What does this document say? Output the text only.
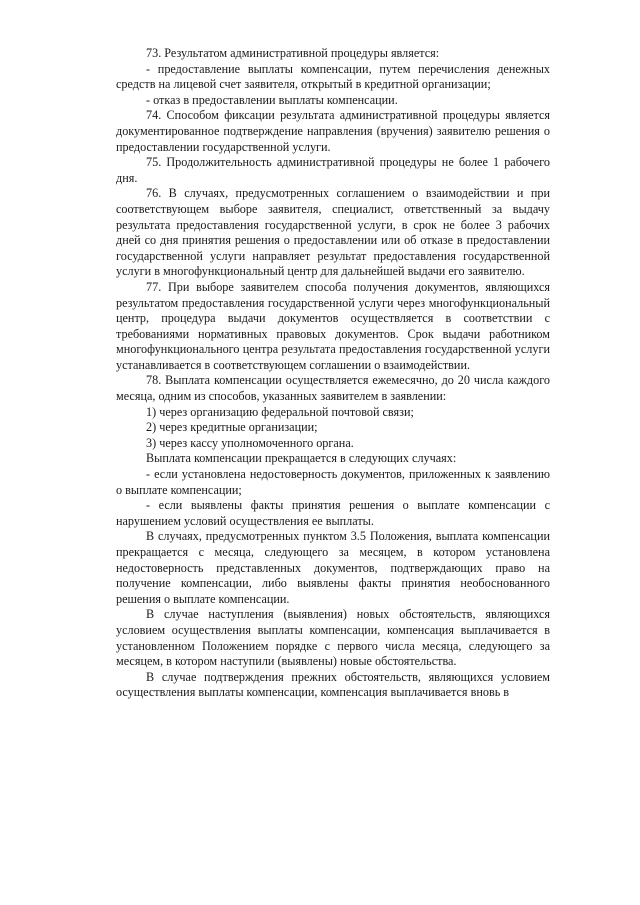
73. Результатом административной процедуры является:

- предоставление выплаты компенсации, путем перечисления денежных средств на лицевой счет заявителя, открытый в кредитной организации;

- отказ в предоставлении выплаты компенсации.

74. Способом фиксации результата административной процедуры является документированное подтверждение направления (вручения) заявителю решения о предоставлении государственной услуги.

75. Продолжительность административной процедуры не более 1 рабочего дня.

76. В случаях, предусмотренных соглашением о взаимодействии и при соответствующем выборе заявителя, специалист, ответственный за выдачу результата предоставления государственной услуги, в срок не более 3 рабочих дней со дня принятия решения о предоставлении или об отказе в предоставлении государственной услуги направляет результат предоставления государственной услуги в многофункциональный центр для дальнейшей выдачи его заявителю.

77. При выборе заявителем способа получения документов, являющихся результатом предоставления государственной услуги через многофункциональный центр, процедура выдачи документов осуществляется в соответствии с требованиями нормативных правовых документов. Срок выдачи работником многофункционального центра результата предоставления государственной услуги устанавливается в соответствующем соглашении о взаимодействии.

78. Выплата компенсации осуществляется ежемесячно, до 20 числа каждого месяца, одним из способов, указанных заявителем в заявлении:

1) через организацию федеральной почтовой связи;

2) через кредитные организации;

3) через кассу уполномоченного органа.

Выплата компенсации прекращается в следующих случаях:

- если установлена недостоверность документов, приложенных к заявлению о выплате компенсации;

- если выявлены факты принятия решения о выплате компенсации с нарушением условий осуществления ее выплаты.

В случаях, предусмотренных пунктом 3.5 Положения, выплата компенсации прекращается с месяца, следующего за месяцем, в котором установлена недостоверность представленных документов, подтверждающих право на получение компенсации, либо выявлены факты принятия необоснованного решения о выплате компенсации.

В случае наступления (выявления) новых обстоятельств, являющихся условием осуществления выплаты компенсации, компенсация выплачивается в установленном Положением порядке с первого числа месяца, следующего за месяцем, в котором наступили (выявлены) новые обстоятельства.

В случае подтверждения прежних обстоятельств, являющихся условием осуществления выплаты компенсации, компенсация выплачивается вновь в
